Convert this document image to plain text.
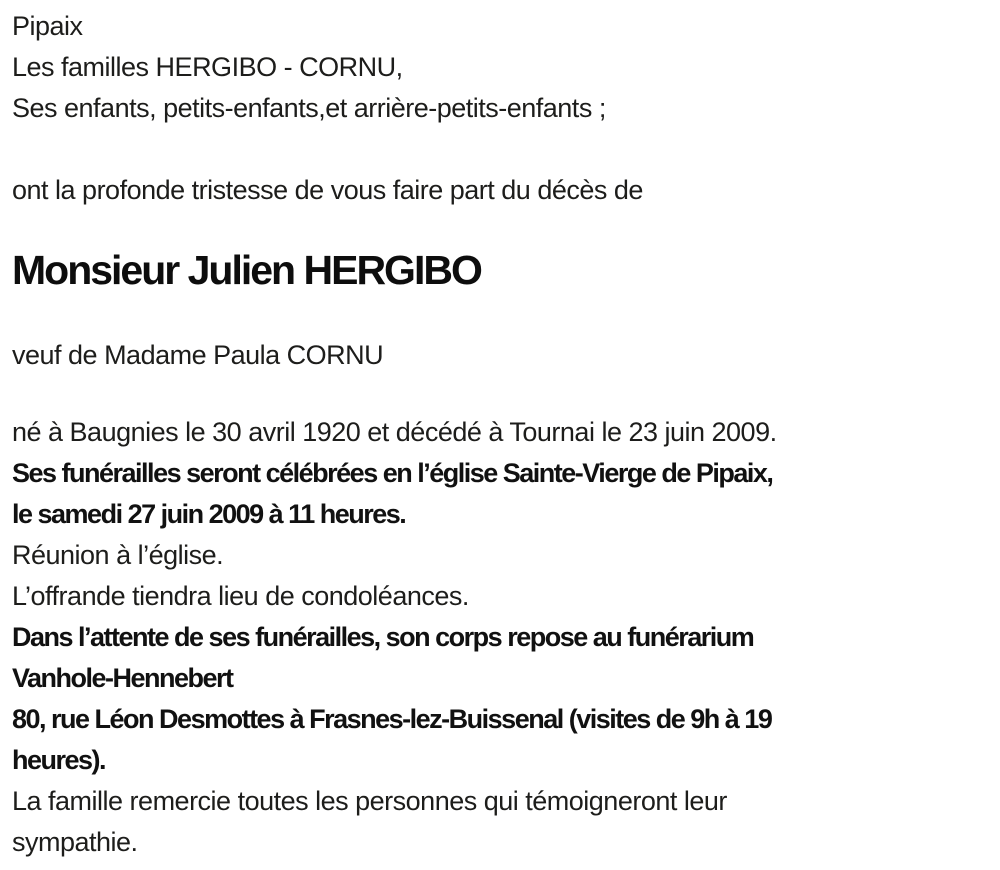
Pipaix
Les familles HERGIBO - CORNU,
Ses enfants, petits-enfants,et arrière-petits-enfants ;
ont la profonde tristesse de vous faire part du décès de
Monsieur Julien HERGIBO
veuf de Madame Paula CORNU
né à Baugnies le 30 avril 1920 et décédé à Tournai le 23 juin 2009.
Ses funérailles seront célébrées en l’église Sainte-Vierge de Pipaix,
le samedi 27 juin 2009 à 11 heures.
Réunion à l’église.
L’offrande tiendra lieu de condoléances.
Dans l’attente de ses funérailles, son corps repose au funérarium
Vanhole-Hennebert
80, rue Léon Desmottes à Frasnes-lez-Buissenal (visites de 9h à 19
heures).
La famille remercie toutes les personnes qui témoigneront leur
sympathie.
